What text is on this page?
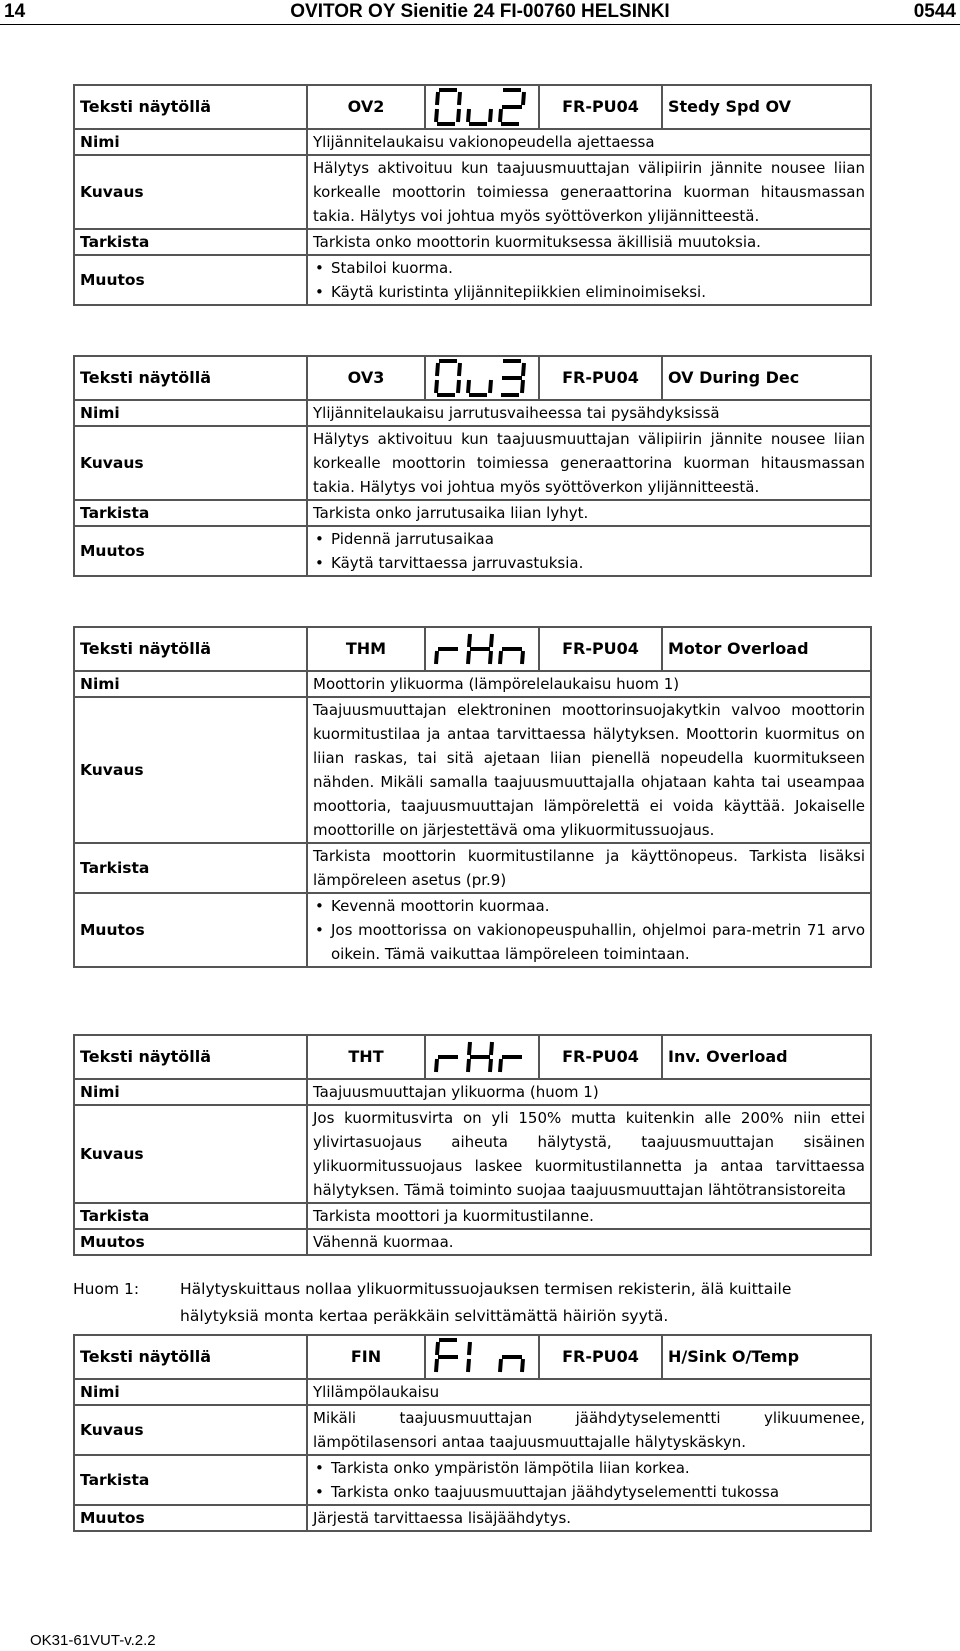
14	OVITOR OY Sienitie 24 FI-00760 HELSINKI	0544
Teksti näytöllä	OV2		FR-PU04	Stedy Spd OV
Nimi	Ylijännitelaukaisu vakionopeudella ajettaessa			
Kuvaus	Hälytys aktivoituu kun taajuusmuuttajan välipiirin jännite nousee liian korkealle moottorin toimiessa generaattorina kuorman hitausmassan takia. Hälytys voi johtua myös syöttöverkon ylijännitteestä.			
Tarkista	Tarkista onko moottorin kuormituksessa äkillisiä muutoksia.			
Muutos	• Stabiloi kuorma.
• Käytä kuristinta ylijännitepiikkien eliminoimiseksi.
Teksti näytöllä	OV3		FR-PU04	OV During Dec
Nimi	Ylijännitelaukaisu jarrutusvaiheessa tai pysähdyksissä			
Kuvaus	Hälytys aktivoituu kun taajuusmuuttajan välipiirin jännite nousee liian korkealle moottorin toimiessa generaattorina kuorman hitausmassan takia. Hälytys voi johtua myös syöttöverkon ylijännitteestä.			
Tarkista	Tarkista onko jarrutusaika liian lyhyt.			
Muutos	• Pidennä jarrutusaikaa
• Käytä tarvittaessa jarruvastuksia.
Teksti näytöllä	THM		FR-PU04	Motor Overload
Nimi	Moottorin ylikuorma (lämpörelelaukaisu huom 1)			
Kuvaus	Taajuusmuuttajan elektroninen moottorinsuojakytkin valvoo moottorin kuormitustilaa ja antaa tarvittaessa hälytyksen. Moottorin kuormitus on liian raskas, tai sitä ajetaan liian pienellä nopeudella kuormitukseen nähden. Mikäli samalla taajuusmuuttajalla ohjataan kahta tai useampaa moottoria, taajuusmuuttajan lämpörelettä ei voida käyttää. Jokaiselle moottorille on järjestettävä oma ylikuormitussuojaus.			
Tarkista	Tarkista moottorin kuormitustilanne ja käyttönopeus. Tarkista lisäksi lämpöreleen asetus (pr.9)			
Muutos	• Kevennä moottorin kuormaa.
• Jos moottorissa on vakionopeuspuhallin, ohjelmoi para-metrin 71 arvo oikein. Tämä vaikuttaa lämpöreleen toimintaan.
Teksti näytöllä	THT		FR-PU04	Inv. Overload
Nimi	Taajuusmuuttajan ylikuorma (huom 1)			
Kuvaus	Jos kuormitusvirta on yli 150% mutta kuitenkin alle 200% niin ettei ylivirtasuojaus aiheuta hälytystä, taajuusmuuttajan sisäinen ylikuormitussuojaus laskee kuormitustilannetta ja antaa tarvittaessa hälytyksen. Tämä toiminto suojaa taajuusmuuttajan lähtötransistoreita			
Tarkista	Tarkista moottori ja kuormitustilanne.			
Muutos	Vähennä kuormaa.			
Huom 1:	Hälytyskuittaus nollaa ylikuormitussuojauksen termisen rekisterin, älä kuittaile hälytyksiä monta kertaa peräkkäin selvittämättä häiriön syytä.
Teksti näytöllä	FIN		FR-PU04	H/Sink O/Temp
Nimi	Ylilämpölaukaisu			
Kuvaus	Mikäli taajuusmuuttajan jäähdytyselementti ylikuumenee, lämpötilasensori antaa taajuusmuuttajalle hälytyskäskyn.			
Tarkista	• Tarkista onko ympäristön lämpötila liian korkea.
• Tarkista onko taajuusmuuttajan jäähdytyselementti tukossa

Muutos	Järjestä tarvittaessa lisäjäähdytys.			
OK31-61VUT-v.2.2
